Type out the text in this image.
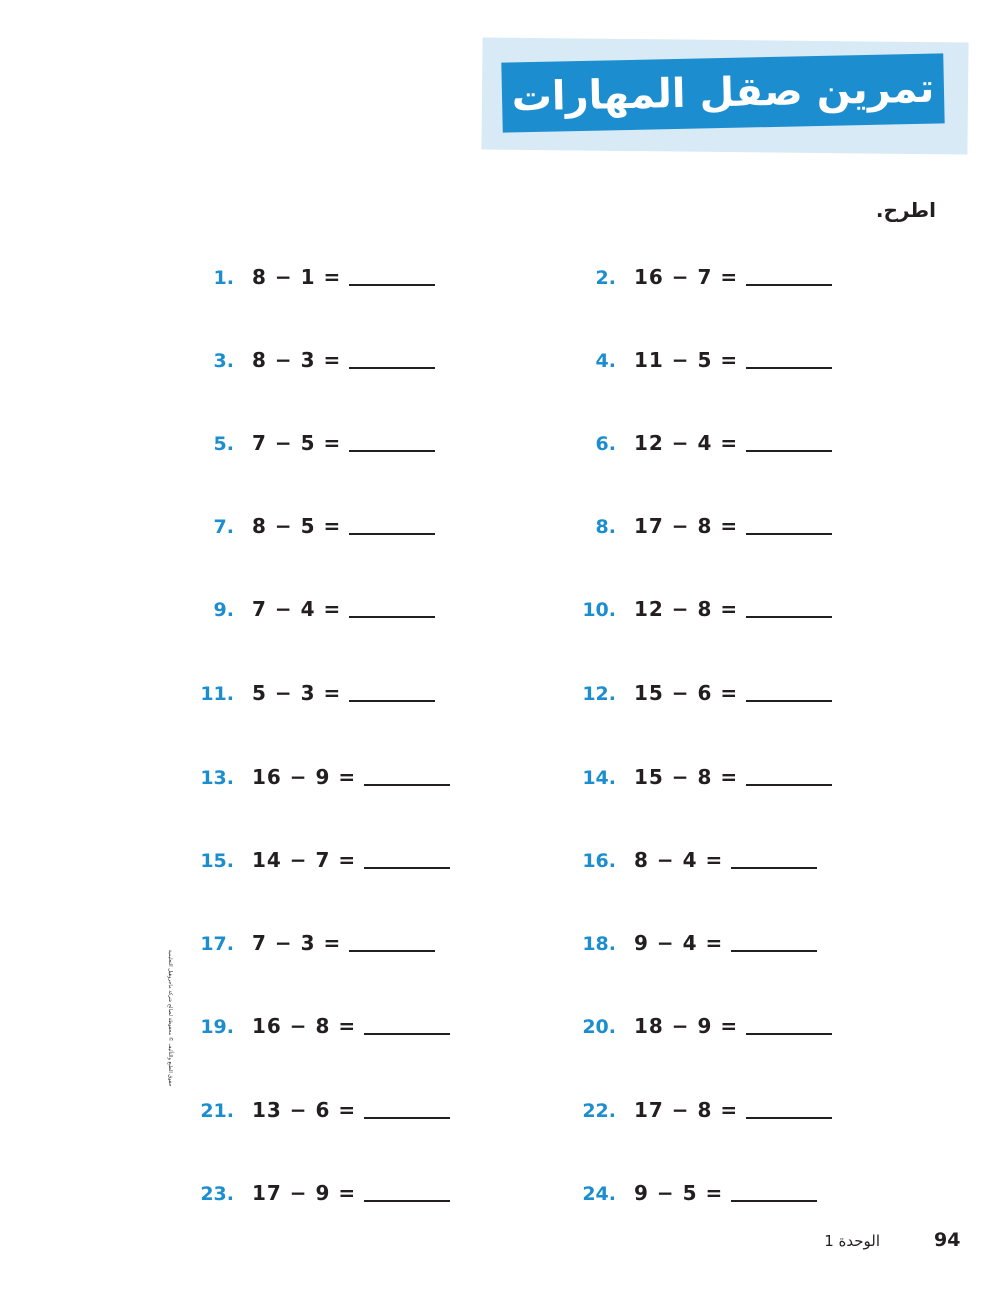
تمرين صقل المهارات
اطرح.
1. 8 − 1 =	2. 16 − 7 =
3. 8 − 3 =	4. 11 − 5 =
5. 7 − 5 =	6. 12 − 4 =
7. 8 − 5 =	8. 17 − 8 =
9. 7 − 4 =	10. 12 − 8 =
11. 5 − 3 =	12. 15 − 6 =
13. 16 − 9 =	14. 15 − 8 =
15. 14 − 7 =	16. 8 − 4 =
17. 7 − 3 =	18. 9 − 4 =
19. 16 − 8 =	20. 18 − 9 =
21. 13 − 6 =	22. 17 − 8 =
23. 17 − 9 =	24. 9 − 5 =
حقوق الطبع والتأليف © محفوظة لصالح شركة ماجروهيل التعليمية
الوحدة 1	94
